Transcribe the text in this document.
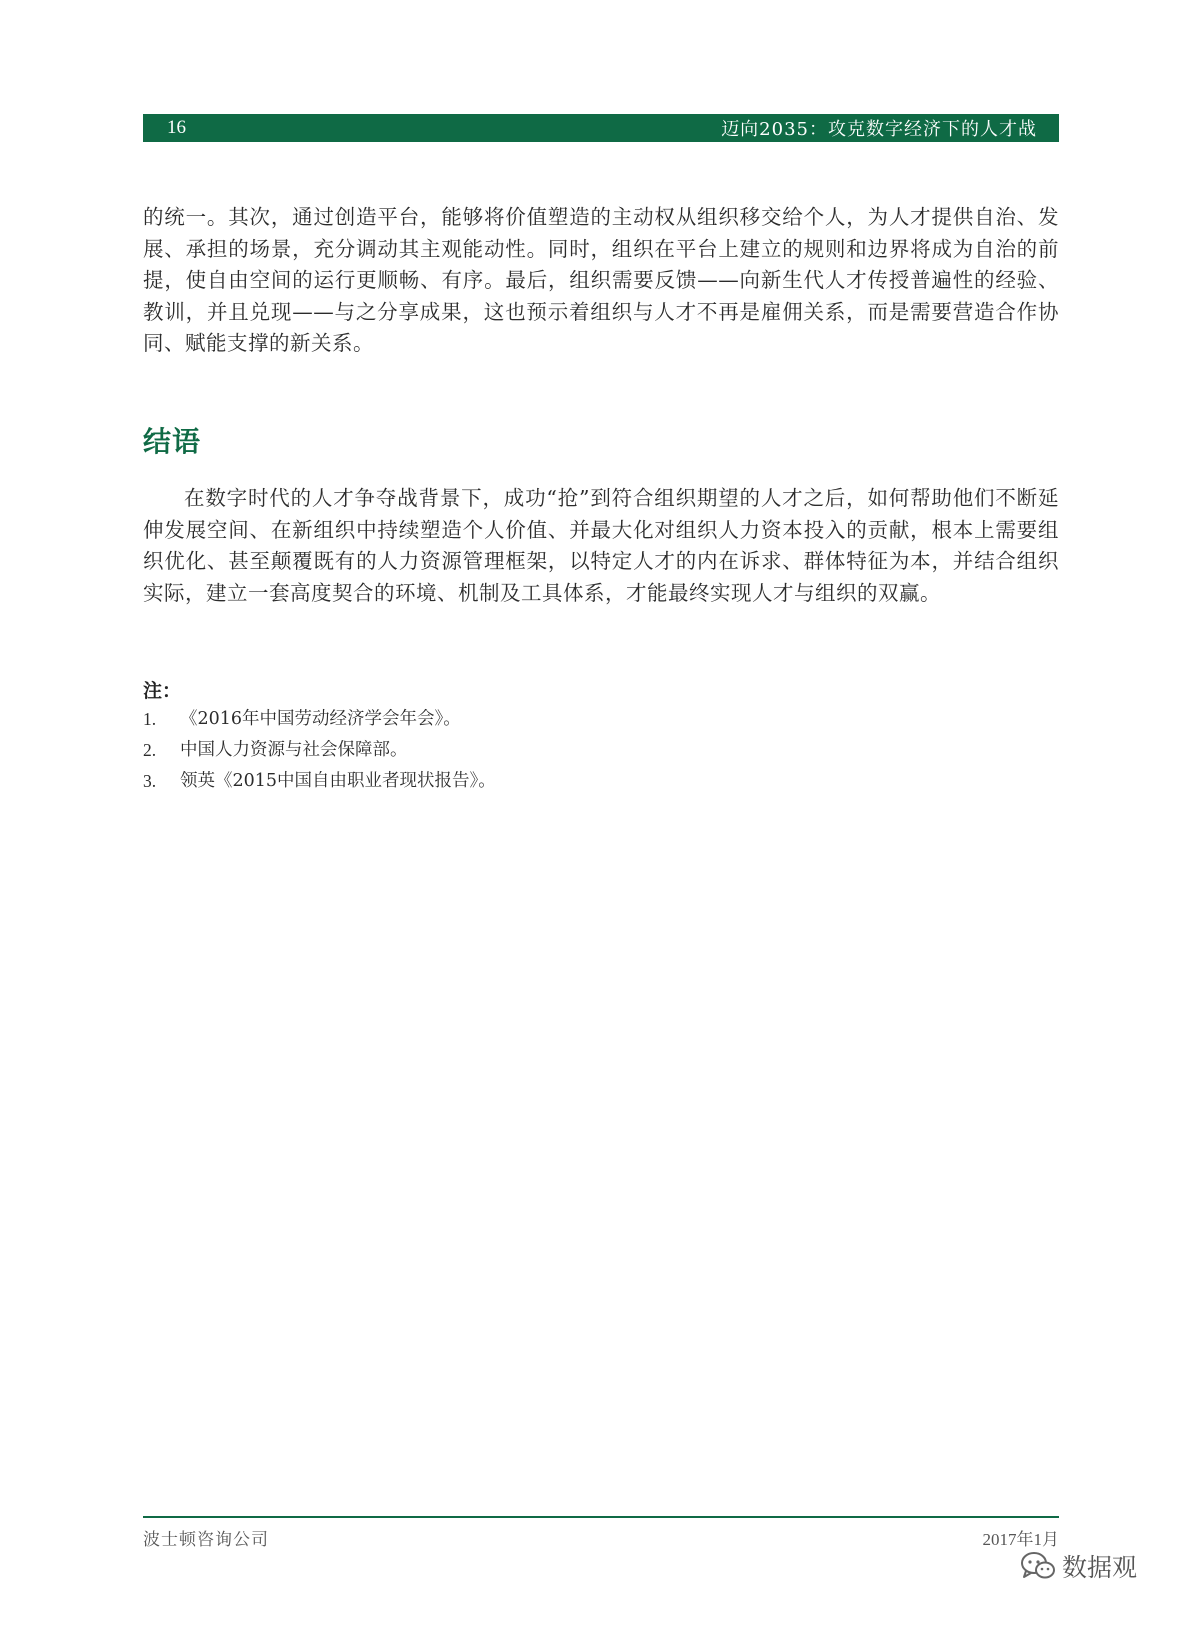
16	迈向2035：攻克数字经济下的人才战

的统一。其次，通过创造平台，能够将价值塑造的主动权从组织移交给个人，为人才提供自治、发展、承担的场景，充分调动其主观能动性。同时，组织在平台上建立的规则和边界将成为自治的前提，使自由空间的运行更顺畅、有序。最后，组织需要反馈——向新生代人才传授普遍性的经验、教训，并且兑现——与之分享成果，这也预示着组织与人才不再是雇佣关系，而是需要营造合作协同、赋能支撑的新关系。

结语

在数字时代的人才争夺战背景下，成功“抢”到符合组织期望的人才之后，如何帮助他们不断延伸发展空间、在新组织中持续塑造个人价值、并最大化对组织人力资本投入的贡献，根本上需要组织优化、甚至颠覆既有的人力资源管理框架，以特定人才的内在诉求、群体特征为本，并结合组织实际，建立一套高度契合的环境、机制及工具体系，才能最终实现人才与组织的双赢。

注：
1.	《2016年中国劳动经济学会年会》。
2.	中国人力资源与社会保障部。
3.	领英《2015中国自由职业者现状报告》。
波士顿咨询公司	2017年1月
数据观
